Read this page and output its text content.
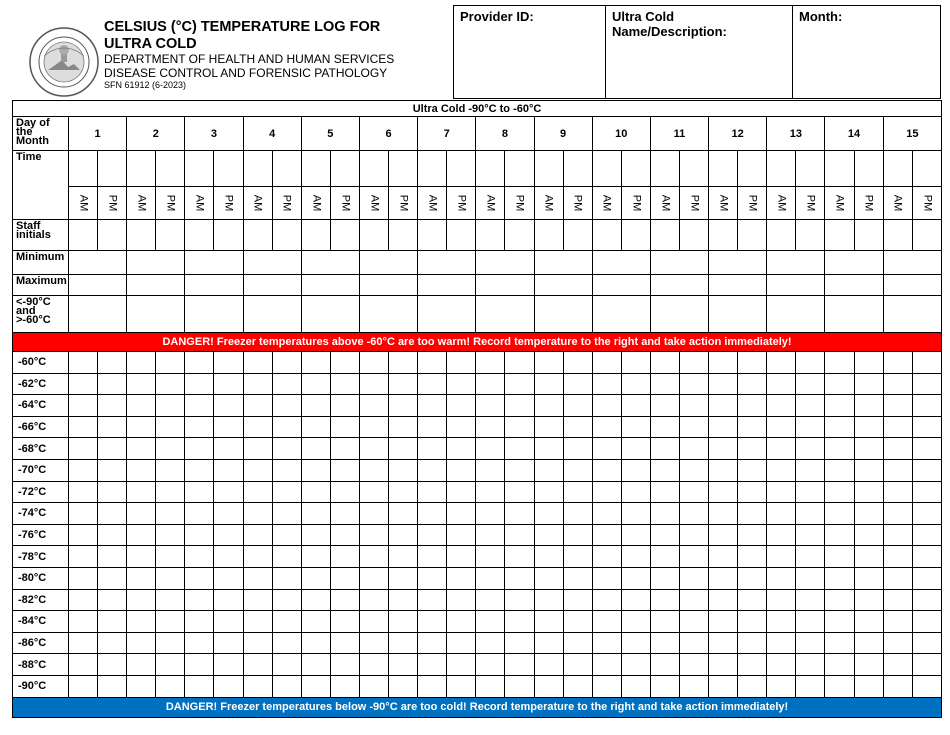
CELSIUS (°C) TEMPERATURE LOG FOR ULTRA COLD
DEPARTMENT OF HEALTH AND HUMAN SERVICES
DISEASE CONTROL AND FORENSIC PATHOLOGY
SFN 61912 (6-2023)
Provider ID:	Ultra Cold
Name/Description:
Month:
Ultra Cold -90°C to -60°C																														
Day of the Month	1		2		3		4		5		6		7		8		9		10		11		12		13		14		15	
Time																														
	AM	PM	AM	PM	AM	PM	AM	PM	AM	PM	AM	PM	AM	PM	AM	PM	AM	PM	AM	PM	AM	PM	AM	PM	AM	PM	AM	PM	AM	PM
Staff initials																														
Minimum																														
Maximum																														
<-90°C and >-60°C																														
DANGER! Freezer temperatures above -60°C are too warm! Record temperature to the right and take action immediately!																														
-60°C																														
-62°C																														
-64°C																														
-66°C																														
-68°C																														
-70°C																														
-72°C																														
-74°C																														
-76°C																														
-78°C																														
-80°C																														
-82°C																														
-84°C																														
-86°C																														
-88°C																														
-90°C																														
DANGER! Freezer temperatures below -90°C are too cold! Record temperature to the right and take action immediately!																														
